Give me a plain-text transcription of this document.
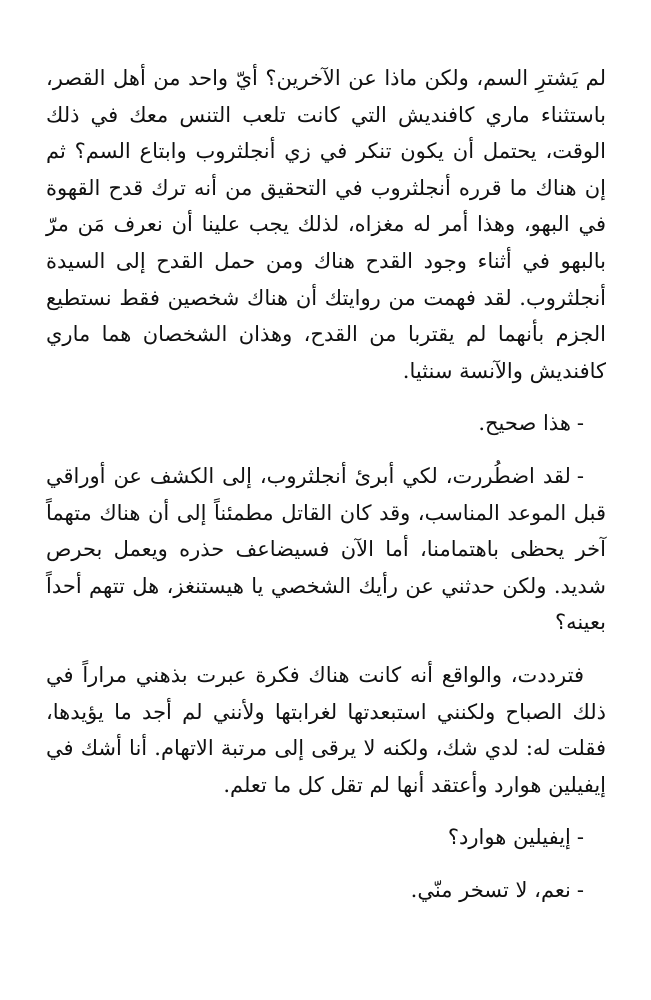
لم يَشترِ السم، ولكن ماذا عن الآخرين؟ أيّ واحد من أهل القصر، باستثناء ماري كافنديش التي كانت تلعب التنس معك في ذلك الوقت، يحتمل أن يكون تنكر في زي أنجلثروب وابتاع السم؟ ثم إن هناك ما قرره أنجلثروب في التحقيق من أنه ترك قدح القهوة في البهو، وهذا أمر له مغزاه، لذلك يجب علينا أن نعرف مَن مرّ بالبهو في أثناء وجود القدح هناك ومن حمل القدح إلى السيدة أنجلثروب. لقد فهمت من روايتك أن هناك شخصين فقط نستطيع الجزم بأنهما لم يقتربا من القدح، وهذان الشخصان هما ماري كافنديش والآنسة سنثيا.

-هذا صحيح.

-لقد اضطُررت، لكي أبرئ أنجلثروب، إلى الكشف عن أوراقي قبل الموعد المناسب، وقد كان القاتل مطمئناً إلى أن هناك متهماً آخر يحظى باهتمامنا، أما الآن فسيضاعف حذره ويعمل بحرص شديد. ولكن حدثني عن رأيك الشخصي يا هيستنغز، هل تتهم أحداً بعينه؟

فترددت، والواقع أنه كانت هناك فكرة عبرت بذهني مراراً في ذلك الصباح ولكنني استبعدتها لغرابتها ولأنني لم أجد ما يؤيدها، فقلت له: لدي شك، ولكنه لا يرقى إلى مرتبة الاتهام. أنا أشك في إيفيلين هوارد وأعتقد أنها لم تقل كل ما تعلم.

-إيفيلين هوارد؟

-نعم، لا تسخر منّي.
